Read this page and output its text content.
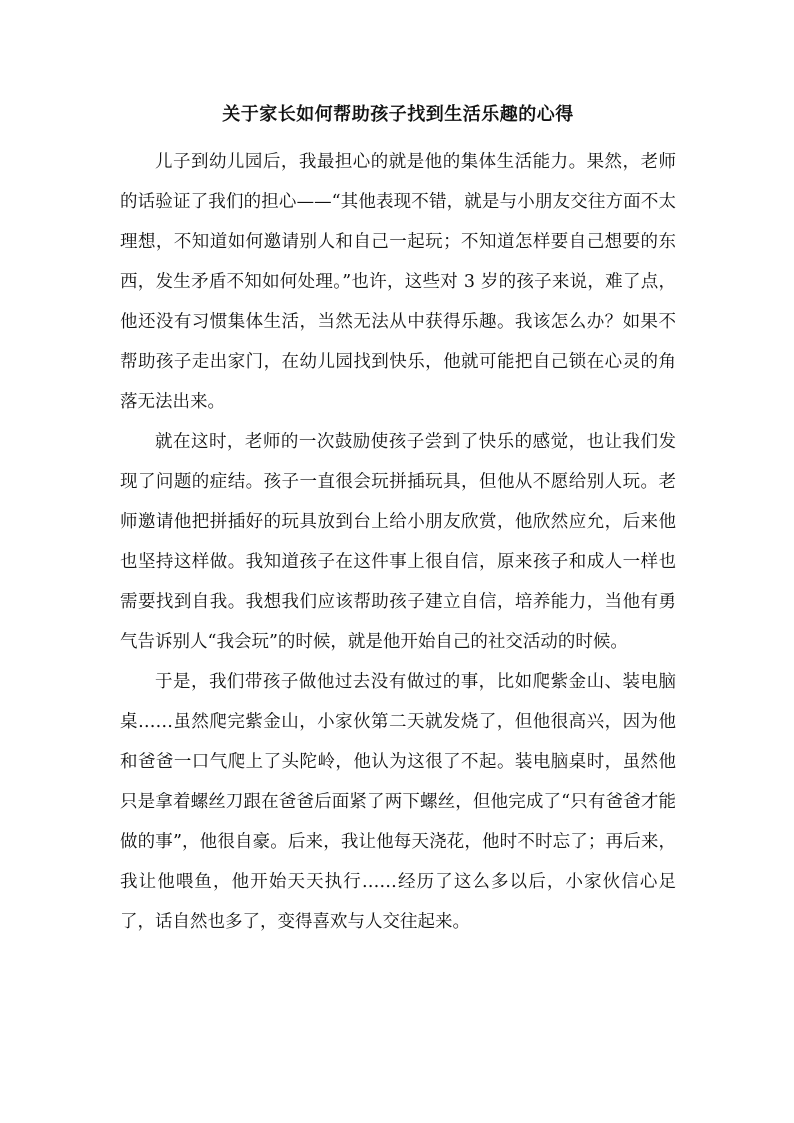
关于家长如何帮助孩子找到生活乐趣的心得

儿子到幼儿园后，我最担心的就是他的集体生活能力。果然，老师的话验证了我们的担心——“其他表现不错，就是与小朋友交往方面不太理想，不知道如何邀请别人和自己一起玩；不知道怎样要自己想要的东西，发生矛盾不知如何处理。”也许，这些对 3 岁的孩子来说，难了点，他还没有习惯集体生活，当然无法从中获得乐趣。我该怎么办？如果不帮助孩子走出家门，在幼儿园找到快乐，他就可能把自己锁在心灵的角落无法出来。

就在这时，老师的一次鼓励使孩子尝到了快乐的感觉，也让我们发现了问题的症结。孩子一直很会玩拼插玩具，但他从不愿给别人玩。老师邀请他把拼插好的玩具放到台上给小朋友欣赏，他欣然应允，后来他也坚持这样做。我知道孩子在这件事上很自信，原来孩子和成人一样也需要找到自我。我想我们应该帮助孩子建立自信，培养能力，当他有勇气告诉别人“我会玩”的时候，就是他开始自己的社交活动的时候。

于是，我们带孩子做他过去没有做过的事，比如爬紫金山、装电脑桌……虽然爬完紫金山，小家伙第二天就发烧了，但他很高兴，因为他和爸爸一口气爬上了头陀岭，他认为这很了不起。装电脑桌时，虽然他只是拿着螺丝刀跟在爸爸后面紧了两下螺丝，但他完成了“只有爸爸才能做的事”，他很自豪。后来，我让他每天浇花，他时不时忘了；再后来，我让他喂鱼，他开始天天执行……经历了这么多以后，小家伙信心足了，话自然也多了，变得喜欢与人交往起来。
